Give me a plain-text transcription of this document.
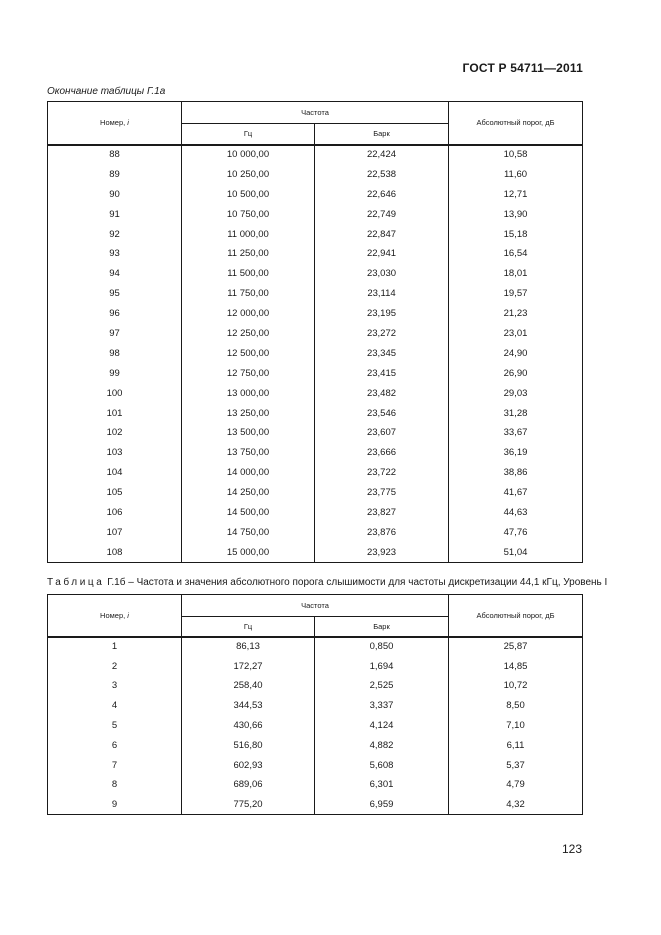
ГОСТ Р 54711—2011
Окончание таблицы Г.1а
Номер, i	Частота		Абсолютный порог, дБ
	Гц	Барк	
88	10 000,00	22,424	10,58
89	10 250,00	22,538	11,60
90	10 500,00	22,646	12,71
91	10 750,00	22,749	13,90
92	11 000,00	22,847	15,18
93	11 250,00	22,941	16,54
94	11 500,00	23,030	18,01
95	11 750,00	23,114	19,57
96	12 000,00	23,195	21,23
97	12 250,00	23,272	23,01
98	12 500,00	23,345	24,90
99	12 750,00	23,415	26,90
100	13 000,00	23,482	29,03
101	13 250,00	23,546	31,28
102	13 500,00	23,607	33,67
103	13 750,00	23,666	36,19
104	14 000,00	23,722	38,86
105	14 250,00	23,775	41,67
106	14 500,00	23,827	44,63
107	14 750,00	23,876	47,76
108	15 000,00	23,923	51,04
Таблица Г.1б – Частота и значения абсолютного порога слышимости для частоты дискретизации 44,1 кГц, Уровень I
Номер, i	Частота		Абсолютный порог, дБ
	Гц	Барк	
1	86,13	0,850	25,87
2	172,27	1,694	14,85
3	258,40	2,525	10,72
4	344,53	3,337	8,50
5	430,66	4,124	7,10
6	516,80	4,882	6,11
7	602,93	5,608	5,37
8	689,06	6,301	4,79
9	775,20	6,959	4,32
123
